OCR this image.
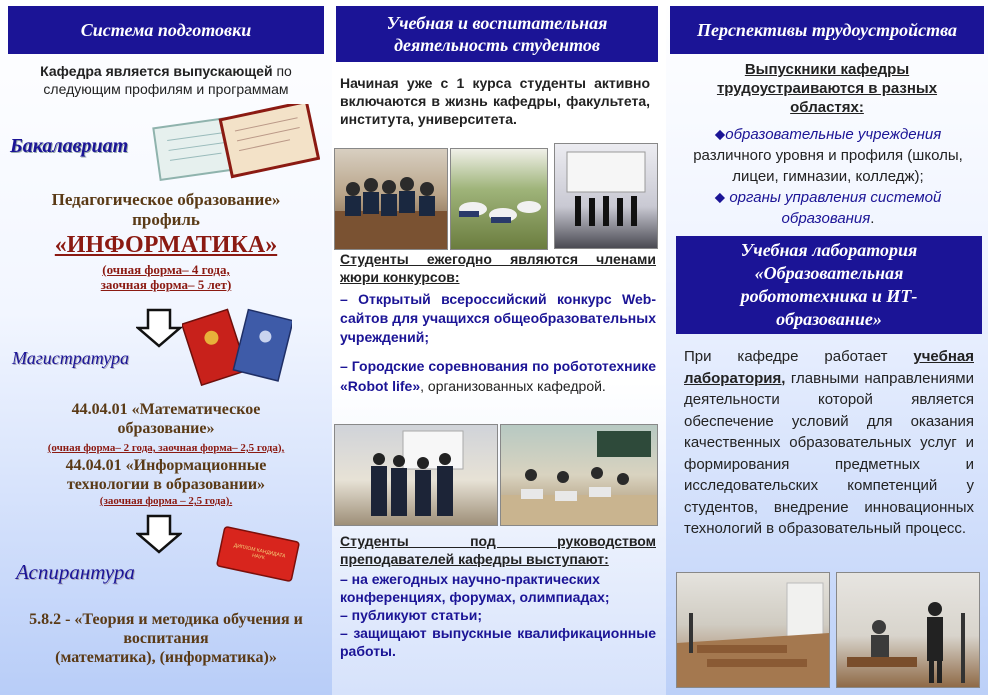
Система подготовки
Кафедра является выпускающей по следующим профилям и программам
Бакалавриат
Педагогическое образование»
профиль
«ИНФОРМАТИКА»
(очная форма– 4 года,
заочная форма– 5 лет)
Магистратура
44.04.01 «Математическое
образование»
(очная форма– 2 года, заочная форма– 2,5 года),
44.04.01 «Информационные
технологии в образовании»
(заочная форма – 2,5 года).
ДИПЛОМ КАНДИДАТА НАУК
Аспирантура
5.8.2 - «Теория и методика обучения и
воспитания
(математика), (информатика)»
Учебная и воспитательная деятельность студентов
Начиная уже с 1 курса студенты активно включаются в жизнь кафедры, факультета, института, университета.
Студенты ежегодно являются членами жюри конкурсов:
– Открытый всероссийский конкурс Web-сайтов для учащихся общеобразовательных учреждений;
– Городские соревнования по робототехнике «Robot life», организованных кафедрой.
Студенты под руководством преподавателей кафедры выступают:
– на ежегодных научно-практических конференциях, форумах, олимпиадах;
– публикуют статьи;
– защищают выпускные квалификационные работы.
Перспективы трудоустройства
Выпускники кафедры трудоустраиваются в разных областях:
⬥образовательные учреждения
различного уровня и профиля (школы, лицеи, гимназии, колледж);
⬥ органы управления системой образования.
Учебная лаборатория «Образовательная робототехника и ИТ-образование»
При кафедре работает учебная лаборатория, главными направлениями деятельности которой является обеспечение условий для оказания качественных образовательных услуг и формирования предметных и исследовательских компетенций у студентов, внедрение инновационных технологий в образовательный процесс.
